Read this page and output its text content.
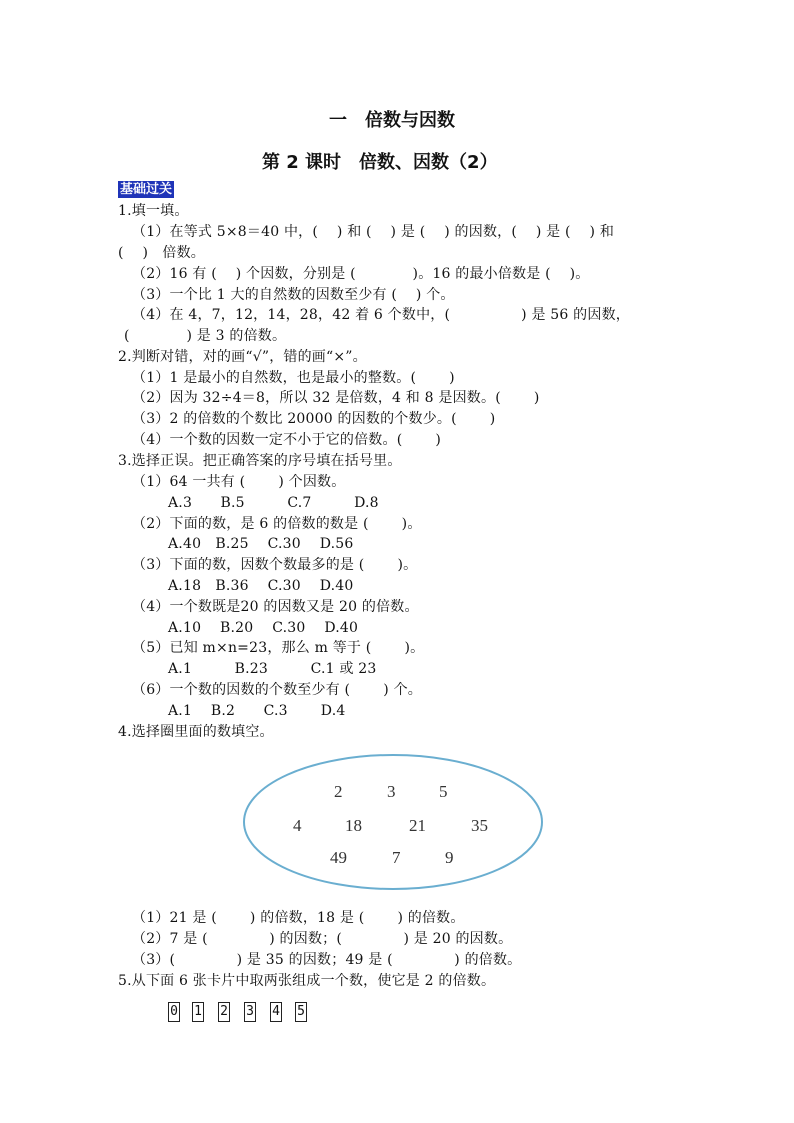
一　倍数与因数
第 2 课时　倍数、因数（2）
基础过关
1.填一填。
（1）在等式 5×8＝40 中，(　 ) 和 (　 ) 是 (　 ) 的因数，(　 ) 是 (　 ) 和
(　 )　倍数。
（2）16 有 (　 ) 个因数，分别是 (　　　　)。16 的最小倍数是 (　 )。
（3）一个比 1 大的自然数的因数至少有 (　 ) 个。
（4）在 4，7，12，14，28，42 着 6 个数中，(　　　　　) 是 56 的因数，
(　　　　) 是 3 的倍数。
2.判断对错，对的画“√”，错的画“×”。
（1）1 是最小的自然数，也是最小的整数。(　　 )
（2）因为 32÷4＝8，所以 32 是倍数，4 和 8 是因数。(　　 )
（3）2 的倍数的个数比 20000 的因数的个数少。(　　 )
（4）一个数的因数一定不小于它的倍数。(　　 )
3.选择正误。把正确答案的序号填在括号里。
（1）64 一共有 (　　 ) 个因数。
A.3　　B.5　　　C.7　　　D.8
（2）下面的数，是 6 的倍数的数是 (　　 )。
A.40　B.25　 C.30　 D.56
（3）下面的数，因数个数最多的是 (　　 )。
A.18　B.36　 C.30　 D.40
（4）一个数既是20 的因数又是 20 的倍数。
A.10　 B.20　 C.30　 D.40
（5）已知 m×n=23，那么 m 等于 (　　 )。
A.1　　　B.23　　　C.1 或 23
（6）一个数的因数的个数至少有 (　　 ) 个。
A.1　 B.2　　C.3　　 D.4
4.选择圈里面的数填空。
2	3	5
4	18	21	35
49	7	9
（1）21 是 (　　 ) 的倍数，18 是 (　　 ) 的倍数。
（2）7 是 (　　　　 ) 的因数；(　　　　 ) 是 20 的因数。
（3）(　　　　 ) 是 35 的因数；49 是 (　　　　 ) 的倍数。
5.从下面 6 张卡片中取两张组成一个数，使它是 2 的倍数。
0 1 2 3 4 5
